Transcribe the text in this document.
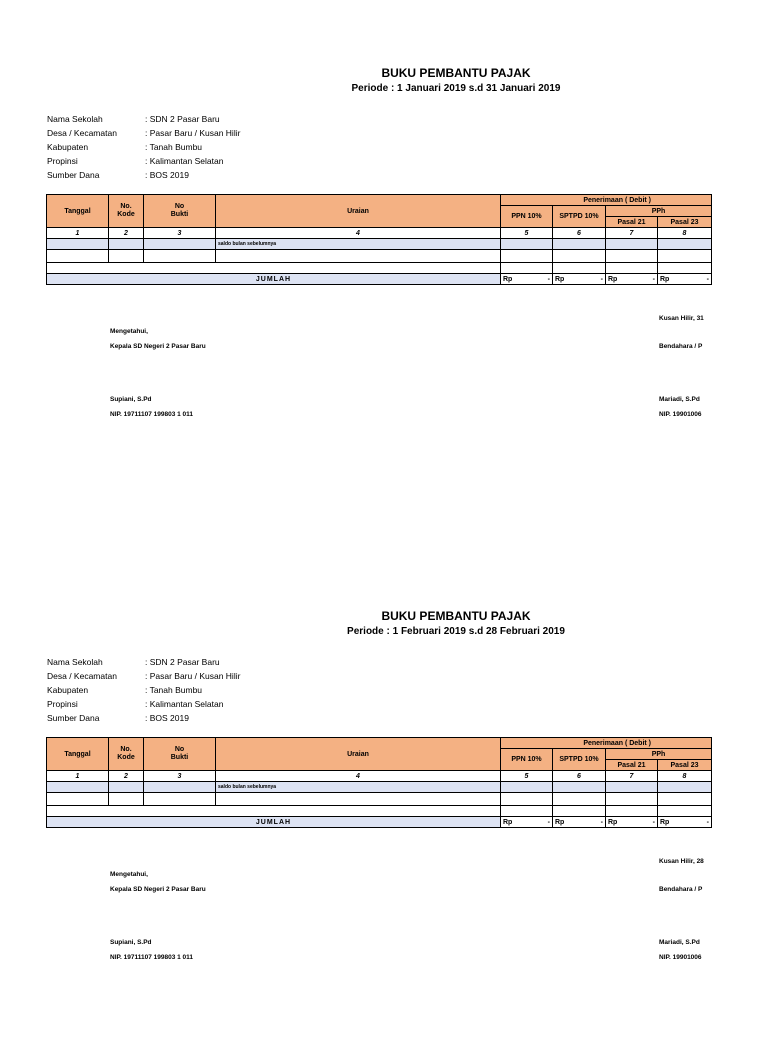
BUKU PEMBANTU PAJAK
Periode : 1 Januari 2019 s.d 31 Januari 2019
Nama Sekolah	: SDN 2 Pasar Baru
Desa / Kecamatan	: Pasar Baru / Kusan Hilir
Kabupaten	: Tanah Bumbu
Propinsi	: Kalimantan Selatan
Sumber Dana	: BOS 2019
Tanggal	No. Kode	No Bukti	Uraian	Penerimaan ( Debit )			
				PPN 10%	SPTPD 10%	PPh	
						Pasal 21	Pasal 23
1	2	3	4	5	6	7	8
			saldo bulan sebelumnya				

JUMLAH				Rp -	Rp -	Rp -	Rp -
Kusan Hilir, 31
Mengetahui,
Kepala SD Negeri 2 Pasar Baru	Bendahara / P
Supiani, S.Pd	Mariadi, S.Pd
NIP. 19711107 199803 1 011	NIP. 19901006
BUKU PEMBANTU PAJAK
Periode : 1 Februari 2019 s.d 28 Februari 2019
Nama Sekolah	: SDN 2 Pasar Baru
Desa / Kecamatan	: Pasar Baru / Kusan Hilir
Kabupaten	: Tanah Bumbu
Propinsi	: Kalimantan Selatan
Sumber Dana	: BOS 2019
Tanggal	No. Kode	No Bukti	Uraian	Penerimaan ( Debit )			
				PPN 10%	SPTPD 10%	PPh	
						Pasal 21	Pasal 23
1	2	3	4	5	6	7	8
			saldo bulan sebelumnya				

JUMLAH				Rp -	Rp -	Rp -	Rp -
Kusan Hilir, 28
Mengetahui,
Kepala SD Negeri 2 Pasar Baru	Bendahara / P
Supiani, S.Pd	Mariadi, S.Pd
NIP. 19711107 199803 1 011	NIP. 19901006
